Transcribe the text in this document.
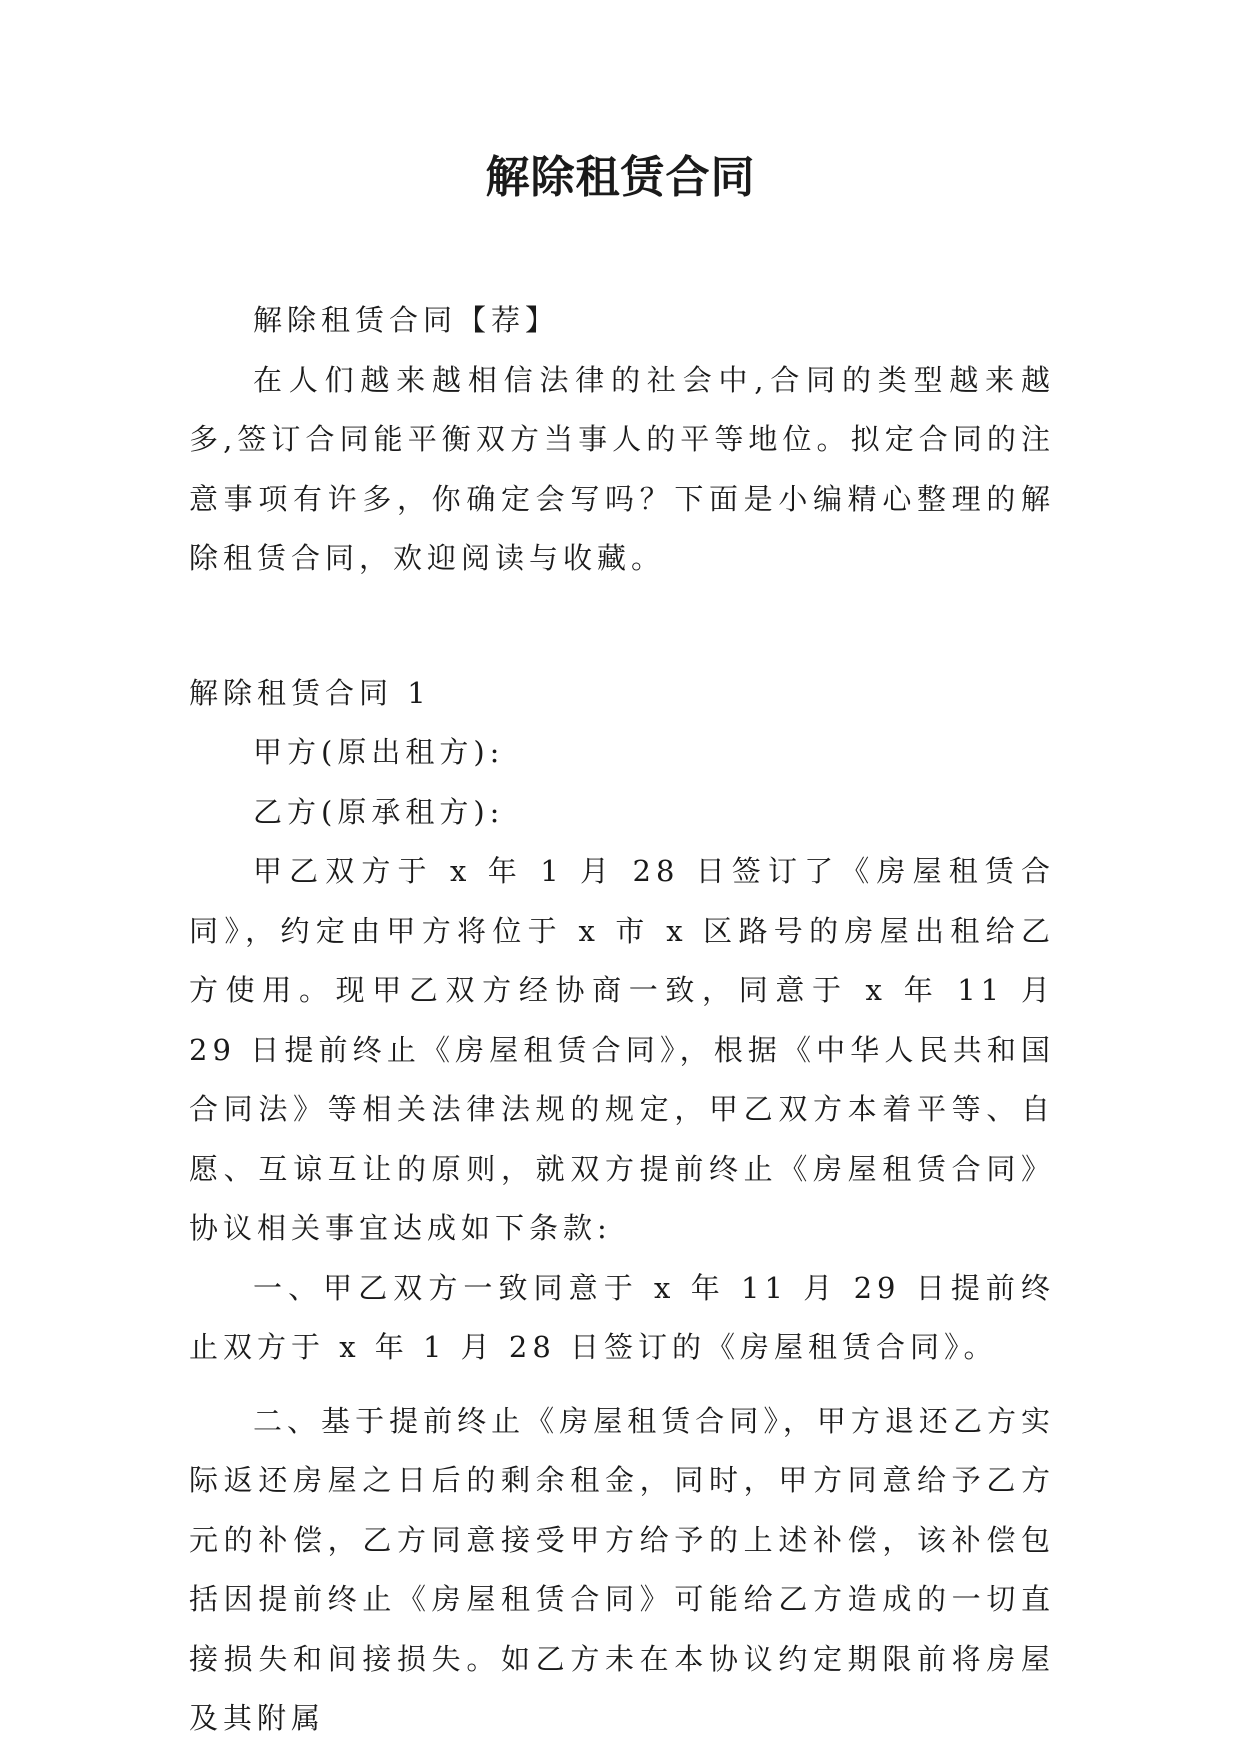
解除租赁合同

解除租赁合同【荐】

在人们越来越相信法律的社会中,合同的类型越来越多,签订合同能平衡双方当事人的平等地位。拟定合同的注意事项有许多，你确定会写吗？下面是小编精心整理的解除租赁合同，欢迎阅读与收藏。

解除租赁合同 1

甲方(原出租方):

乙方(原承租方):

甲乙双方于 x 年 1 月 28 日签订了《房屋租赁合同》，约定由甲方将位于 x 市 x 区路号的房屋出租给乙方使用。现甲乙双方经协商一致，同意于 x 年 11 月 29 日提前终止《房屋租赁合同》，根据《中华人民共和国合同法》等相关法律法规的规定，甲乙双方本着平等、自愿、互谅互让的原则，就双方提前终止《房屋租赁合同》协议相关事宜达成如下条款:

一、甲乙双方一致同意于 x 年 11 月 29 日提前终止双方于 x 年 1 月 28 日签订的《房屋租赁合同》。

二、基于提前终止《房屋租赁合同》，甲方退还乙方实际返还房屋之日后的剩余租金，同时，甲方同意给予乙方元的补偿，乙方同意接受甲方给予的上述补偿，该补偿包括因提前终止《房屋租赁合同》可能给乙方造成的一切直接损失和间接损失。如乙方未在本协议约定期限前将房屋及其附属
